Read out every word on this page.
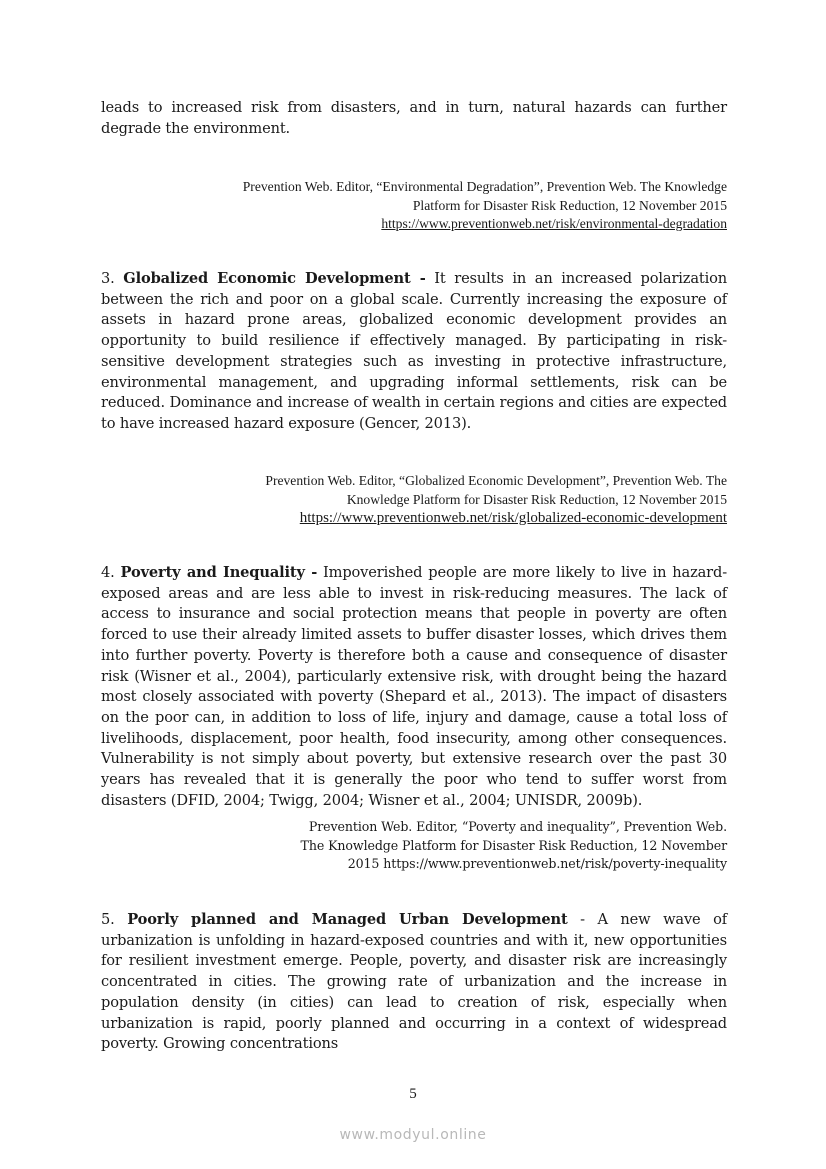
leads to increased risk from disasters, and in turn, natural hazards can further degrade the environment.

Prevention Web. Editor, “Environmental Degradation”, Prevention Web. The Knowledge

Platform for Disaster Risk Reduction, 12 November 2015

https://www.preventionweb.net/risk/environmental-degradation

3. Globalized Economic Development - It results in an increased polarization between the rich and poor on a global scale. Currently increasing the exposure of assets in hazard prone areas, globalized economic development provides an opportunity to build resilience if effectively managed. By participating in risk-sensitive development strategies such as investing in protective infrastructure, environmental management, and upgrading informal settlements, risk can be reduced. Dominance and increase of wealth in certain regions and cities are expected to have increased hazard exposure (Gencer, 2013).

Prevention Web. Editor, “Globalized Economic Development”, Prevention Web. The

Knowledge Platform for Disaster Risk Reduction, 12 November 2015

https://www.preventionweb.net/risk/globalized-economic-development

4. Poverty and Inequality - Impoverished people are more likely to live in hazard-exposed areas and are less able to invest in risk-reducing measures. The lack of access to insurance and social protection means that people in poverty are often forced to use their already limited assets to buffer disaster losses, which drives them into further poverty. Poverty is therefore both a cause and consequence of disaster risk (Wisner et al., 2004), particularly extensive risk, with drought being the hazard most closely associated with poverty (Shepard et al., 2013). The impact of disasters on the poor can, in addition to loss of life, injury and damage, cause a total loss of livelihoods, displacement, poor health, food insecurity, among other consequences. Vulnerability is not simply about poverty, but extensive research over the past 30 years has revealed that it is generally the poor who tend to suffer worst from disasters (DFID, 2004; Twigg, 2004; Wisner et al., 2004; UNISDR, 2009b).

Prevention Web. Editor, “Poverty and inequality”, Prevention Web.

The Knowledge Platform for Disaster Risk Reduction, 12 November

2015 https://www.preventionweb.net/risk/poverty-inequality

5. Poorly planned and Managed Urban Development - A new wave of urbanization is unfolding in hazard-exposed countries and with it, new opportunities for resilient investment emerge. People, poverty, and disaster risk are increasingly concentrated in cities. The growing rate of urbanization and the increase in population density (in cities) can lead to creation of risk, especially when urbanization is rapid, poorly planned and occurring in a context of widespread poverty. Growing concentrations

5
www.modyul.online
